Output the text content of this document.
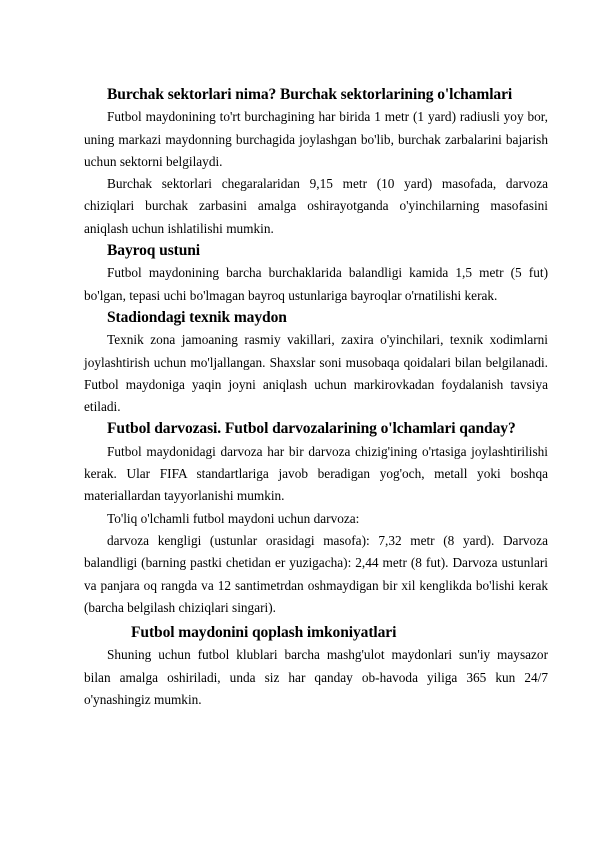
Burchak sektorlari nima? Burchak sektorlarining o'lchamlari

Futbol maydonining to'rt burchagining har birida 1 metr (1 yard) radiusli yoy bor, uning markazi maydonning burchagida joylashgan bo'lib, burchak zarbalarini bajarish uchun sektorni belgilaydi.

Burchak sektorlari chegaralaridan 9,15 metr (10 yard) masofada, darvoza chiziqlari burchak zarbasini amalga oshirayotganda o'yinchilarning masofasini aniqlash uchun ishlatilishi mumkin.

Bayroq ustuni

Futbol maydonining barcha burchaklarida balandligi kamida 1,5 metr (5 fut) bo'lgan, tepasi uchi bo'lmagan bayroq ustunlariga bayroqlar o'rnatilishi kerak.

Stadiondagi texnik maydon

Texnik zona jamoaning rasmiy vakillari, zaxira o'yinchilari, texnik xodimlarni joylashtirish uchun mo'ljallangan. Shaxslar soni musobaqa qoidalari bilan belgilanadi. Futbol maydoniga yaqin joyni aniqlash uchun markirovkadan foydalanish tavsiya etiladi.

Futbol darvozasi. Futbol darvozalarining o'lchamlari qanday?

Futbol maydonidagi darvoza har bir darvoza chizig'ining o'rtasiga joylashtirilishi kerak. Ular FIFA standartlariga javob beradigan yog'och, metall yoki boshqa materiallardan tayyorlanishi mumkin.

To'liq o'lchamli futbol maydoni uchun darvoza:

darvoza kengligi (ustunlar orasidagi masofa): 7,32 metr (8 yard). Darvoza balandligi (barning pastki chetidan er yuzigacha): 2,44 metr (8 fut). Darvoza ustunlari va panjara oq rangda va 12 santimetrdan oshmaydigan bir xil kenglikda bo'lishi kerak (barcha belgilash chiziqlari singari).

Futbol maydonini qoplash imkoniyatlari

Shuning uchun futbol klublari barcha mashg'ulot maydonlari sun'iy maysazor bilan amalga oshiriladi, unda siz har qanday ob-havoda yiliga 365 kun 24/7 o'ynashingiz mumkin.
